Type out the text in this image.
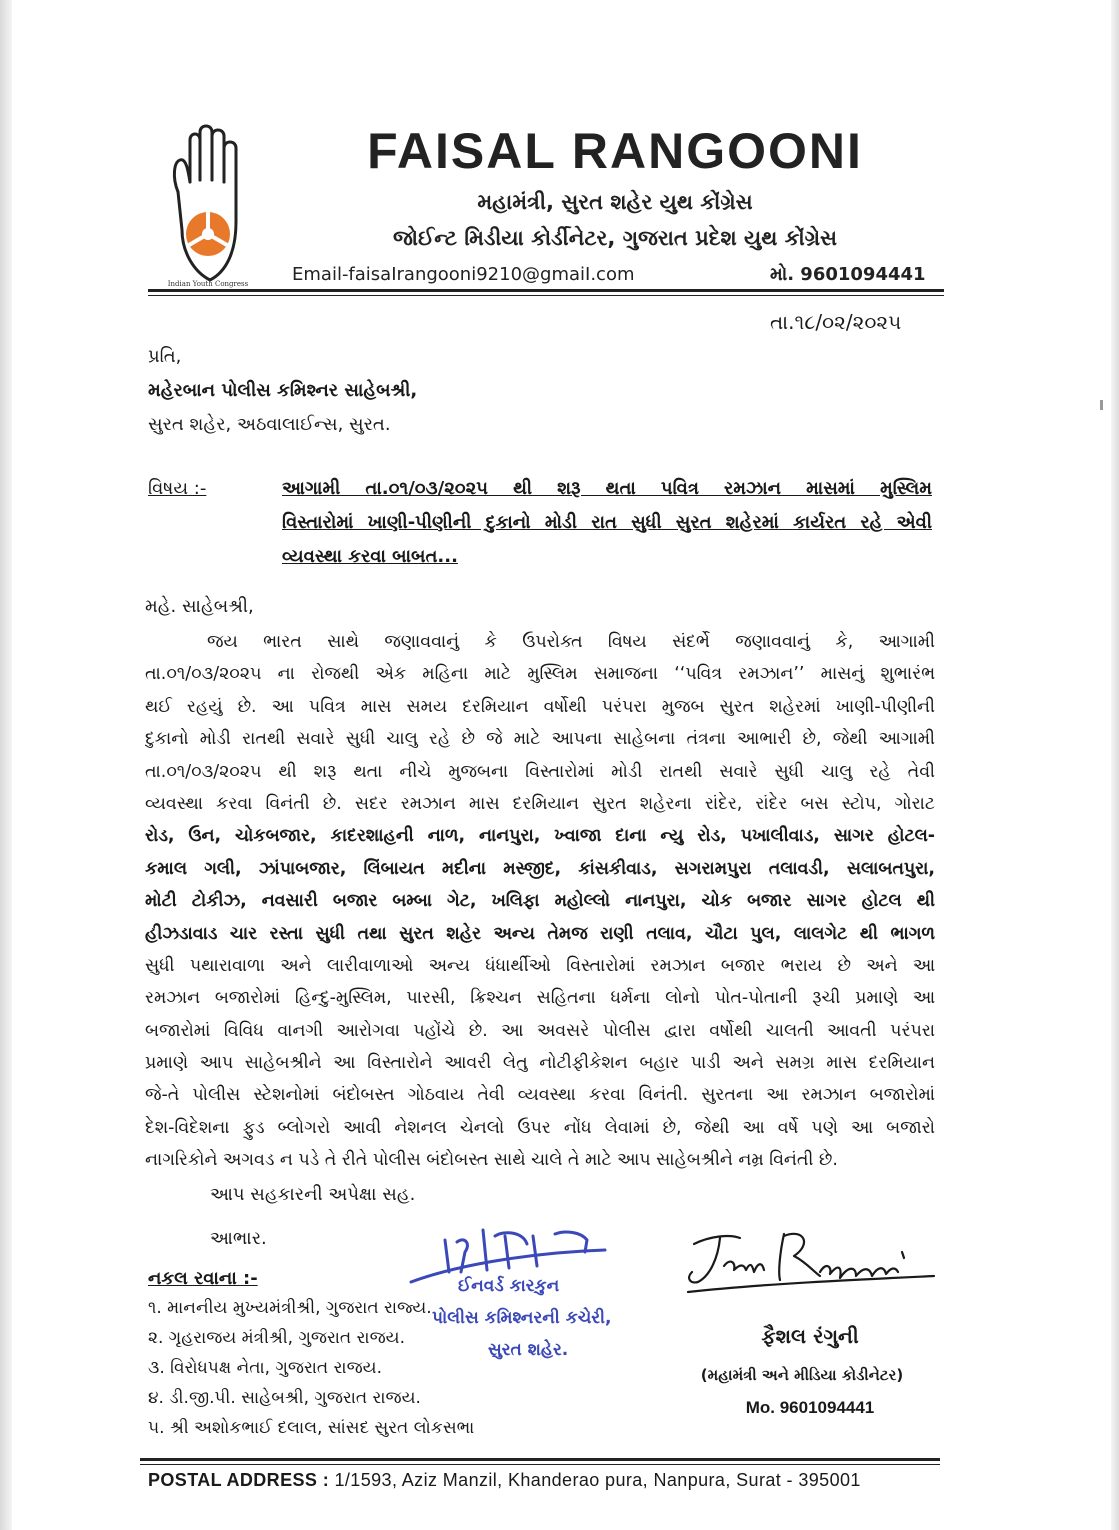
Indian Youth Congress
FAISAL RANGOONI
મહામંત્રી, સુરત શહેર યુથ કોંગ્રેસ
જોઈન્ટ મિડીયા કોર્ડીનેટર, ગુજરાત પ્રદેશ યુથ કોંગ્રેસ
Email-faisaIrangooni9210@gmaiI.com	મો. 9601094441
તા.૧૮/૦૨/૨૦૨૫
પ્રતિ,
મહેરબાન પોલીસ કમિશ્નર સાહેબશ્રી,
સુરત શહેર, અઠવાલાઈન્સ, સુરત.
વિષય :-	આગામી તા.૦૧/૦૩/૨૦૨૫ થી શરૂ થતા પવિત્ર રમઝાન માસમાં મુસ્લિમ
વિસ્તારોમાં ખાણી-પીણીની દુકાનો મોડી રાત સુધી સુરત શહેરમાં કાર્યરત રહે એવી
વ્યવસ્થા કરવા બાબત...
મહે. સાહેબશ્રી,
જય ભારત સાથે જણાવવાનું કે ઉપરોક્ત વિષય સંદર્ભે જણાવવાનું કે, આગામી
તા.૦૧/૦૩/૨૦૨૫ ના રોજથી એક મહિના માટે મુસ્લિમ સમાજના ‘‘પવિત્ર રમઝાન’’ માસનું શુભારંભ
થઈ રહયું છે. આ પવિત્ર માસ સમય દરમિયાન વર્ષોથી પરંપરા મુજબ સુરત શહેરમાં ખાણી-પીણીની
દુકાનો મોડી રાતથી સવારે સુધી ચાલુ રહે છે જે માટે આપના સાહેબના તંત્રના આભારી છે, જેથી આગામી
તા.૦૧/૦૩/૨૦૨૫ થી શરૂ થતા નીચે મુજબના વિસ્તારોમાં મોડી રાતથી સવારે સુધી ચાલુ રહે તેવી
વ્યવસ્થા કરવા વિનંતી છે. સદર રમઝાન માસ દરમિયાન સુરત શહેરના રાંદેર, રાંદેર બસ સ્ટોપ, ગોરાટ
રોડ, ઉન, ચોકબજાર, કાદરશાહની નાળ, નાનપુરા, ખ્વાજા દાના ન્યુ રોડ, પખાલીવાડ, સાગર હોટલ-
કમાલ ગલી, ઝાંપાબજાર, લિંબાયત મદીના મસ્જીદ, કાંસકીવાડ, સગરામપુરા તલાવડી, સલાબતપુરા,
મોટી ટોકીઝ, નવસારી બજાર બમ્બા ગેટ, ખલિફા મહોલ્લો નાનપુરા, ચોક બજાર સાગર હોટલ થી
હીઝડાવાડ ચાર રસ્તા સુધી તથા સુરત શહેર અન્ય તેમજ રાણી તલાવ, ચૌટા પુલ, લાલગેટ થી ભાગળ
સુધી પથારાવાળા અને લારીવાળાઓ અન્ય ધંધાર્થીઓ વિસ્તારોમાં રમઝાન બજાર ભરાય છે અને આ
રમઝાન બજારોમાં હિન્દુ-મુસ્લિમ, પારસી, ક્રિશ્ચન સહિતના ધર્મના લોનો પોત-પોતાની રૂચી પ્રમાણે આ
બજારોમાં વિવિધ વાનગી આરોગવા પહોંચે છે. આ અવસરે પોલીસ દ્વારા વર્ષોથી ચાલતી આવતી પરંપરા
પ્રમાણે આપ સાહેબશ્રીને આ વિસ્તારોને આવરી લેતુ નોટીફીકેશન બહાર પાડી અને સમગ્ર માસ દરમિયાન
જે-તે પોલીસ સ્ટેશનોમાં બંદોબસ્ત ગોઠવાય તેવી વ્યવસ્થા કરવા વિનંતી. સુરતના આ રમઝાન બજારોમાં
દેશ-વિદેશના ફુડ બ્લોગરો આવી નેશનલ ચેનલો ઉપર નોંધ લેવામાં છે, જેથી આ વર્ષે પણે આ બજારો
નાગરિકોને અગવડ ન પડે તે રીતે પોલીસ બંદોબસ્ત સાથે ચાલે તે માટે આપ સાહેબશ્રીને નમ્ર વિનંતી છે.
આપ સહકારની અપેક્ષા સહ.
આભાર.
નકલ રવાના :-
૧. માનનીય મુખ્યમંત્રીશ્રી, ગુજરાત રાજ્ય.
૨. ગૃહરાજય મંત્રીશ્રી, ગુજરાત રાજય.
૩. વિરોધપક્ષ નેતા, ગુજરાત રાજય.
૪. ડી.જી.પી. સાહેબશ્રી, ગુજરાત રાજય.
૫. શ્રી અશોકભાઈ દલાલ, સાંસદ સુરત લોકસભા
ઈનવર્ડ કારકુન
પોલીસ કમિશ્નરની કચેરી,
સુરત શહેર.
ફૈશલ રંગુની
(મહામંત્રી અને મીડિયા કોડીનેટર)
Mo. 9601094441
POSTAL ADDRESS : 1/1593, Aziz Manzil, Khanderao pura, Nanpura, Surat - 395001
